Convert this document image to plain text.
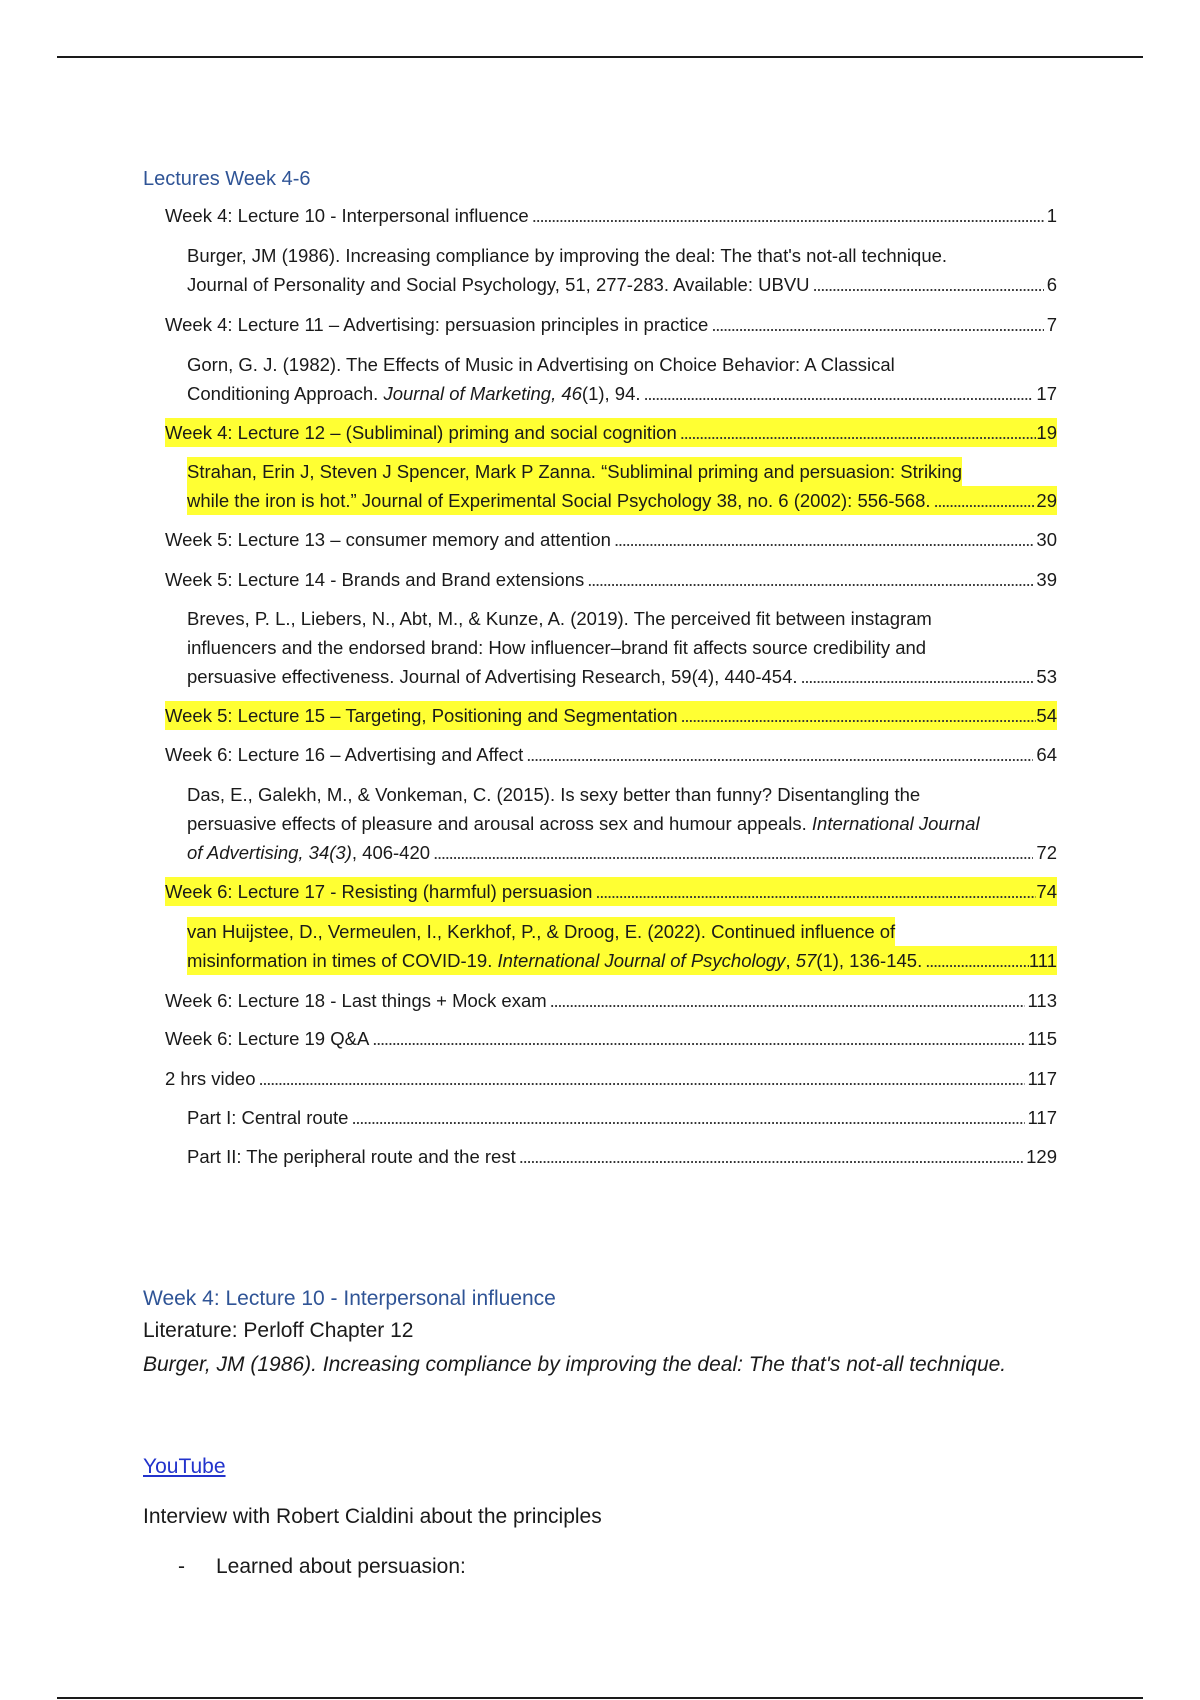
Lectures Week 4-6
Week 4: Lecture 10 - Interpersonal influence . . .	1
Burger, JM (1986). Increasing compliance by improving the deal: The that's not-all technique.
Journal of Personality and Social Psychology, 51, 277-283. Available: UBVU . . .	6
Week 4: Lecture 11 – Advertising: persuasion principles in practice . . .	7
Gorn, G. J. (1982). The Effects of Music in Advertising on Choice Behavior: A Classical
Conditioning Approach. Journal of Marketing, 46(1), 94. . . .	17
Week 4: Lecture 12 – (Subliminal) priming and social cognition . . .	19
Strahan, Erin J, Steven J Spencer, Mark P Zanna. “Subliminal priming and persuasion: Striking
while the iron is hot.” Journal of Experimental Social Psychology 38, no. 6 (2002): 556-568. . . .	29
Week 5: Lecture 13 – consumer memory and attention . . .	30
Week 5: Lecture 14 - Brands and Brand extensions . . .	39
Breves, P. L., Liebers, N., Abt, M., & Kunze, A. (2019). The perceived fit between instagram
influencers and the endorsed brand: How influencer–brand fit affects source credibility and
persuasive effectiveness. Journal of Advertising Research, 59(4), 440-454. . . .	53
Week 5: Lecture 15 – Targeting, Positioning and Segmentation . . .	54
Week 6: Lecture 16 – Advertising and Affect . . .	64
Das, E., Galekh, M., & Vonkeman, C. (2015). Is sexy better than funny? Disentangling the
persuasive effects of pleasure and arousal across sex and humour appeals. International Journal
of Advertising, 34(3), 406-420 . . .	72
Week 6: Lecture 17 - Resisting (harmful) persuasion . . .	74
van Huijstee, D., Vermeulen, I., Kerkhof, P., & Droog, E. (2022). Continued influence of
misinformation in times of COVID-19. International Journal of Psychology, 57(1), 136-145. . . .	111
Week 6: Lecture 18 - Last things + Mock exam . . .	113
Week 6: Lecture 19 Q&A . . .	115
2 hrs video . . .	117
Part I: Central route . . .	117
Part II: The peripheral route and the rest . . .	129
Week 4: Lecture 10 - Interpersonal influence
Literature: Perloff Chapter 12
Burger, JM (1986). Increasing compliance by improving the deal: The that's not-all technique.
YouTube
Interview with Robert Cialdini about the principles
-	Learned about persuasion:
